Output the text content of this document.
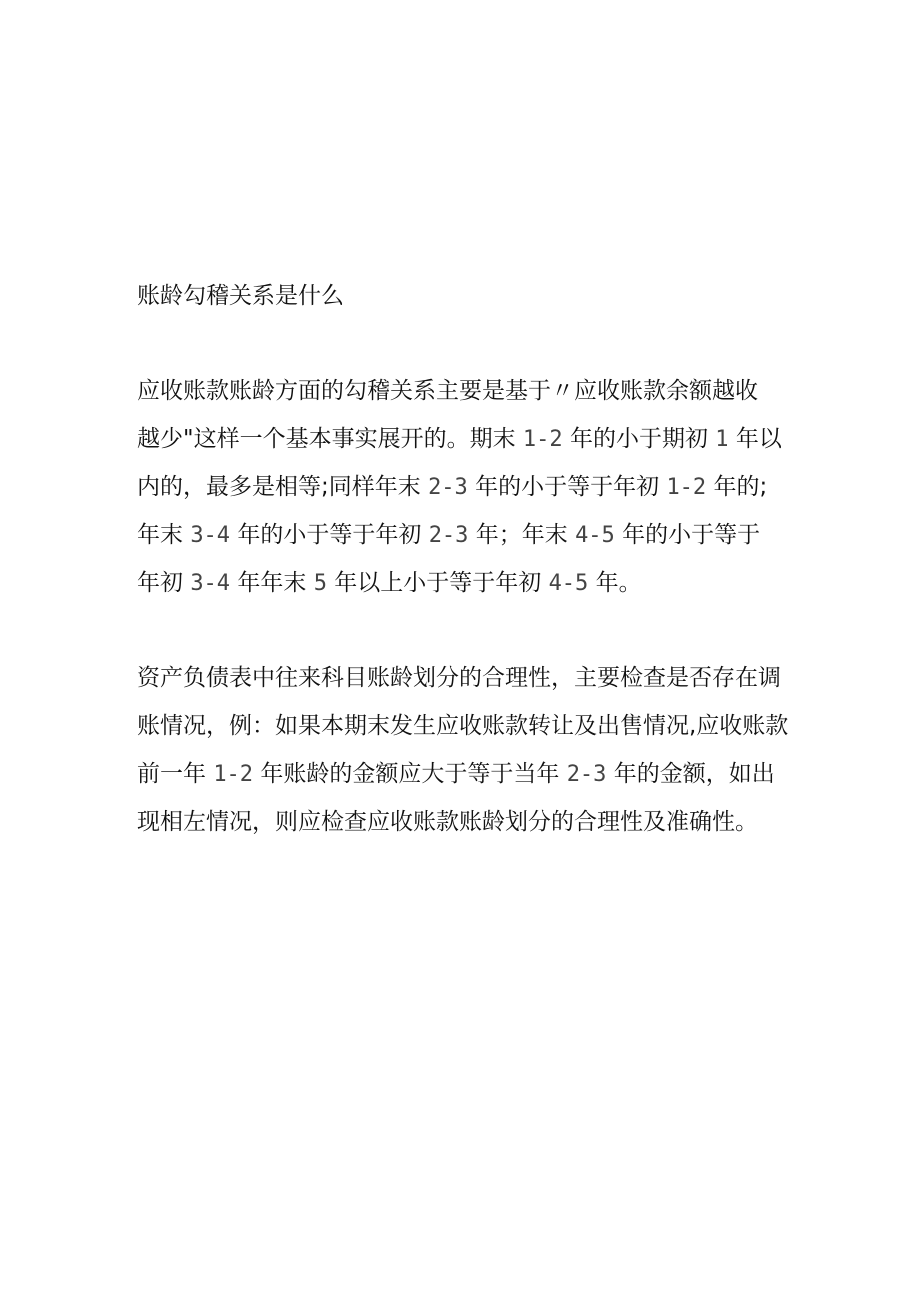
账龄勾稽关系是什么
应收账款账龄方面的勾稽关系主要是基于〃应收账款余额越收
越少"这样一个基本事实展开的。期末 1-2 年的小于期初 1 年以
内的，最多是相等;同样年末 2-3 年的小于等于年初 1-2 年的;
年末 3-4 年的小于等于年初 2-3 年；年末 4-5 年的小于等于
年初 3-4 年年末 5 年以上小于等于年初 4-5 年。
资产负债表中往来科目账龄划分的合理性，主要检查是否存在调
账情况，例：如果本期末发生应收账款转让及出售情况,应收账款
前一年 1-2 年账龄的金额应大于等于当年 2-3 年的金额，如出
现相左情况，则应检查应收账款账龄划分的合理性及准确性。
